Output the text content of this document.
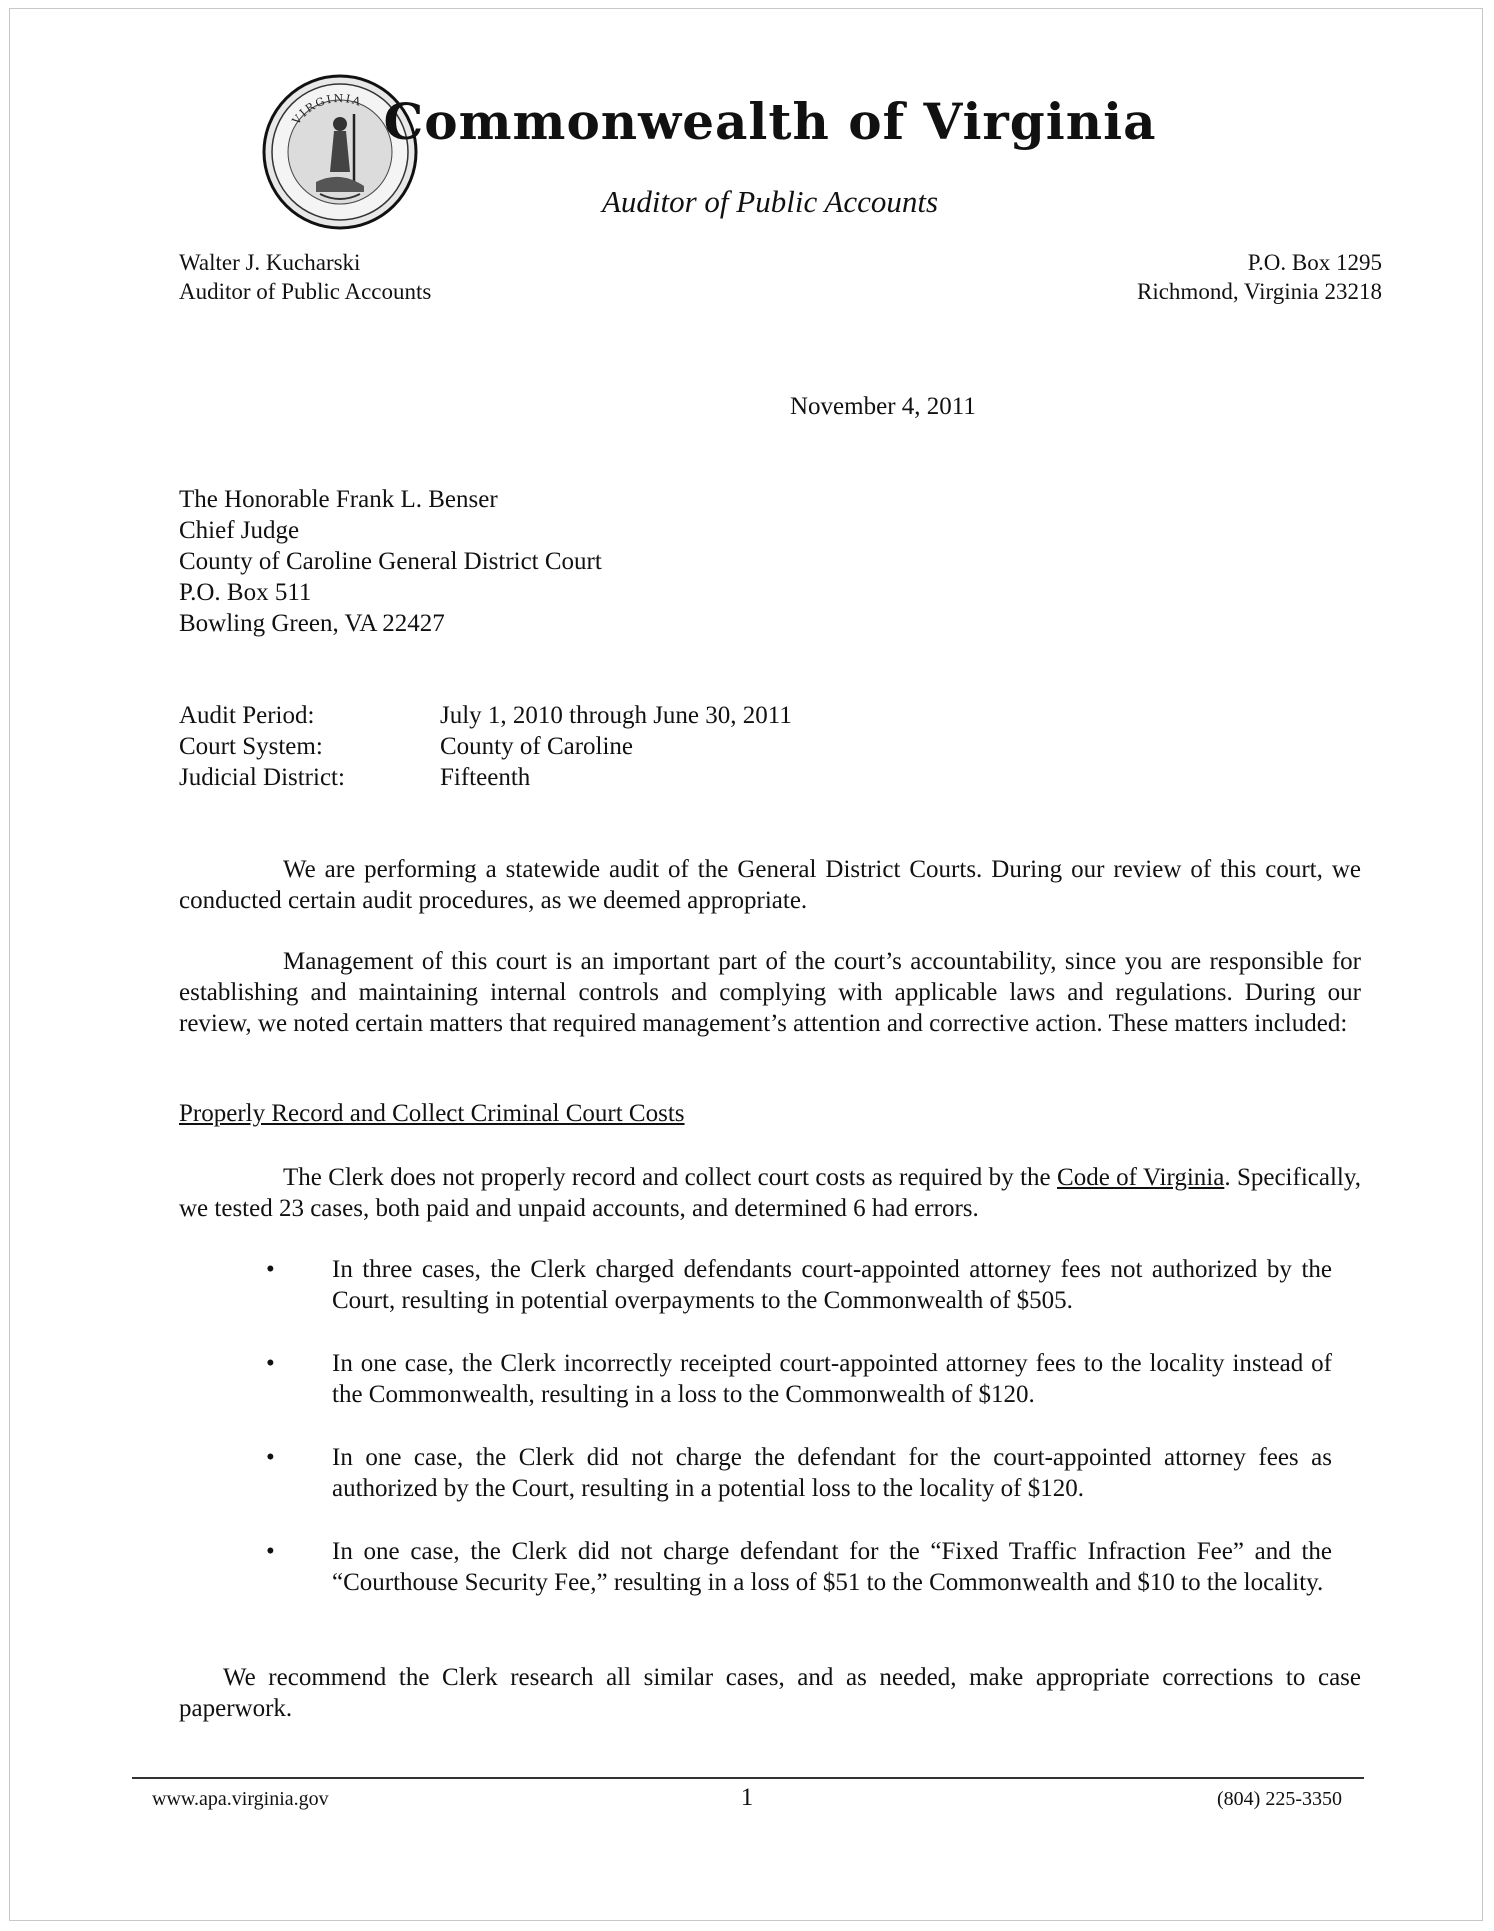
VIRGINIA Commonwealth of Virginia
Auditor of Public Accounts
Walter J. Kucharski
Auditor of Public Accounts
P.O. Box 1295
Richmond, Virginia 23218
November 4, 2011
The Honorable Frank L. Benser
Chief Judge
County of Caroline General District Court
P.O. Box 511
Bowling Green, VA 22427
Audit Period:	July 1, 2010 through June 30, 2011
Court System:	County of Caroline
Judicial District:	Fifteenth
We are performing a statewide audit of the General District Courts. During our review of this court, we conducted certain audit procedures, as we deemed appropriate.
Management of this court is an important part of the court’s accountability, since you are responsible for establishing and maintaining internal controls and complying with applicable laws and regulations. During our review, we noted certain matters that required management’s attention and corrective action. These matters included:
Properly Record and Collect Criminal Court Costs
The Clerk does not properly record and collect court costs as required by the Code of Virginia. Specifically, we tested 23 cases, both paid and unpaid accounts, and determined 6 had errors.
• In three cases, the Clerk charged defendants court-appointed attorney fees not authorized by the Court, resulting in potential overpayments to the Commonwealth of $505.
• In one case, the Clerk incorrectly receipted court-appointed attorney fees to the locality instead of the Commonwealth, resulting in a loss to the Commonwealth of $120.
• In one case, the Clerk did not charge the defendant for the court-appointed attorney fees as authorized by the Court, resulting in a potential loss to the locality of $120.
• In one case, the Clerk did not charge defendant for the “Fixed Traffic Infraction Fee” and the “Courthouse Security Fee,” resulting in a loss of $51 to the Commonwealth and $10 to the locality.
We recommend the Clerk research all similar cases, and as needed, make appropriate corrections to case paperwork.
www.apa.virginia.gov	1	(804) 225-3350
